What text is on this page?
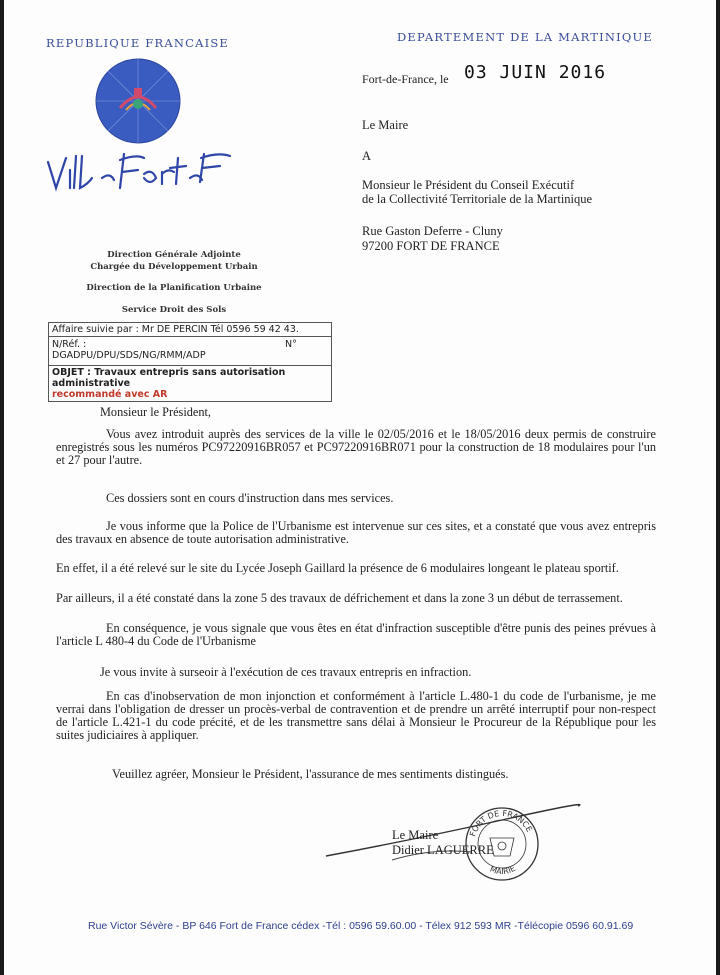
REPUBLIQUE FRANCAISE	DEPARTEMENT DE LA MARTINIQUE
Fort-de-France, le 03 JUIN 2016
Le Maire
A
Monsieur le Président du Conseil Exécutif
de la Collectivité Territoriale de la Martinique
Rue Gaston Deferre - Cluny
97200 FORT DE FRANCE
Direction Générale Adjointe
Chargée du Développement Urbain
Direction de la Planification Urbaine
Service Droit des Sols
Affaire suivie par : Mr DE PERCIN Tél 0596 59 42 43.
N/Réf. :
DGADPU/DPU/SDS/NG/RMM/ADP
N°
OBJET : Travaux entrepris sans autorisation administrative
recommandé avec AR
Monsieur le Président,
Vous avez introduit auprès des services de la ville le 02/05/2016 et le 18/05/2016 deux permis de construire enregistrés sous les numéros PC97220916BR057 et PC97220916BR071 pour la construction de 18 modulaires pour l'un et 27 pour l'autre.
Ces dossiers sont en cours d'instruction dans mes services.
Je vous informe que la Police de l'Urbanisme est intervenue sur ces sites, et a constaté que vous avez entrepris des travaux en absence de toute autorisation administrative.
En effet, il a été relevé sur le site du Lycée Joseph Gaillard la présence de 6 modulaires longeant le plateau sportif.
Par ailleurs, il a été constaté dans la zone 5 des travaux de défrichement et dans la zone 3 un début de terrassement.
En conséquence, je vous signale que vous êtes en état d'infraction susceptible d'être punis des peines prévues à l'article L 480-4 du Code de l'Urbanisme
Je vous invite à surseoir à l'exécution de ces travaux entrepris en infraction.
En cas d'inobservation de mon injonction et conformément à l'article L.480-1 du code de l'urbanisme, je me verrai dans l'obligation de dresser un procès-verbal de contravention et de prendre un arrêté interruptif pour non-respect de l'article L.421-1 du code précité, et de les transmettre sans délai à Monsieur le Procureur de la République pour les suites judiciaires à appliquer.
Veuillez agréer, Monsieur le Président, l'assurance de mes sentiments distingués.
Le Maire
Didier LAGUERRE
FORT DE FRANCE
MAIRIE
Rue Victor Sévère - BP 646 Fort de France cédex -Tél : 0596 59.60.00 - Télex 912 593 MR -Télécopie 0596 60.91.69
